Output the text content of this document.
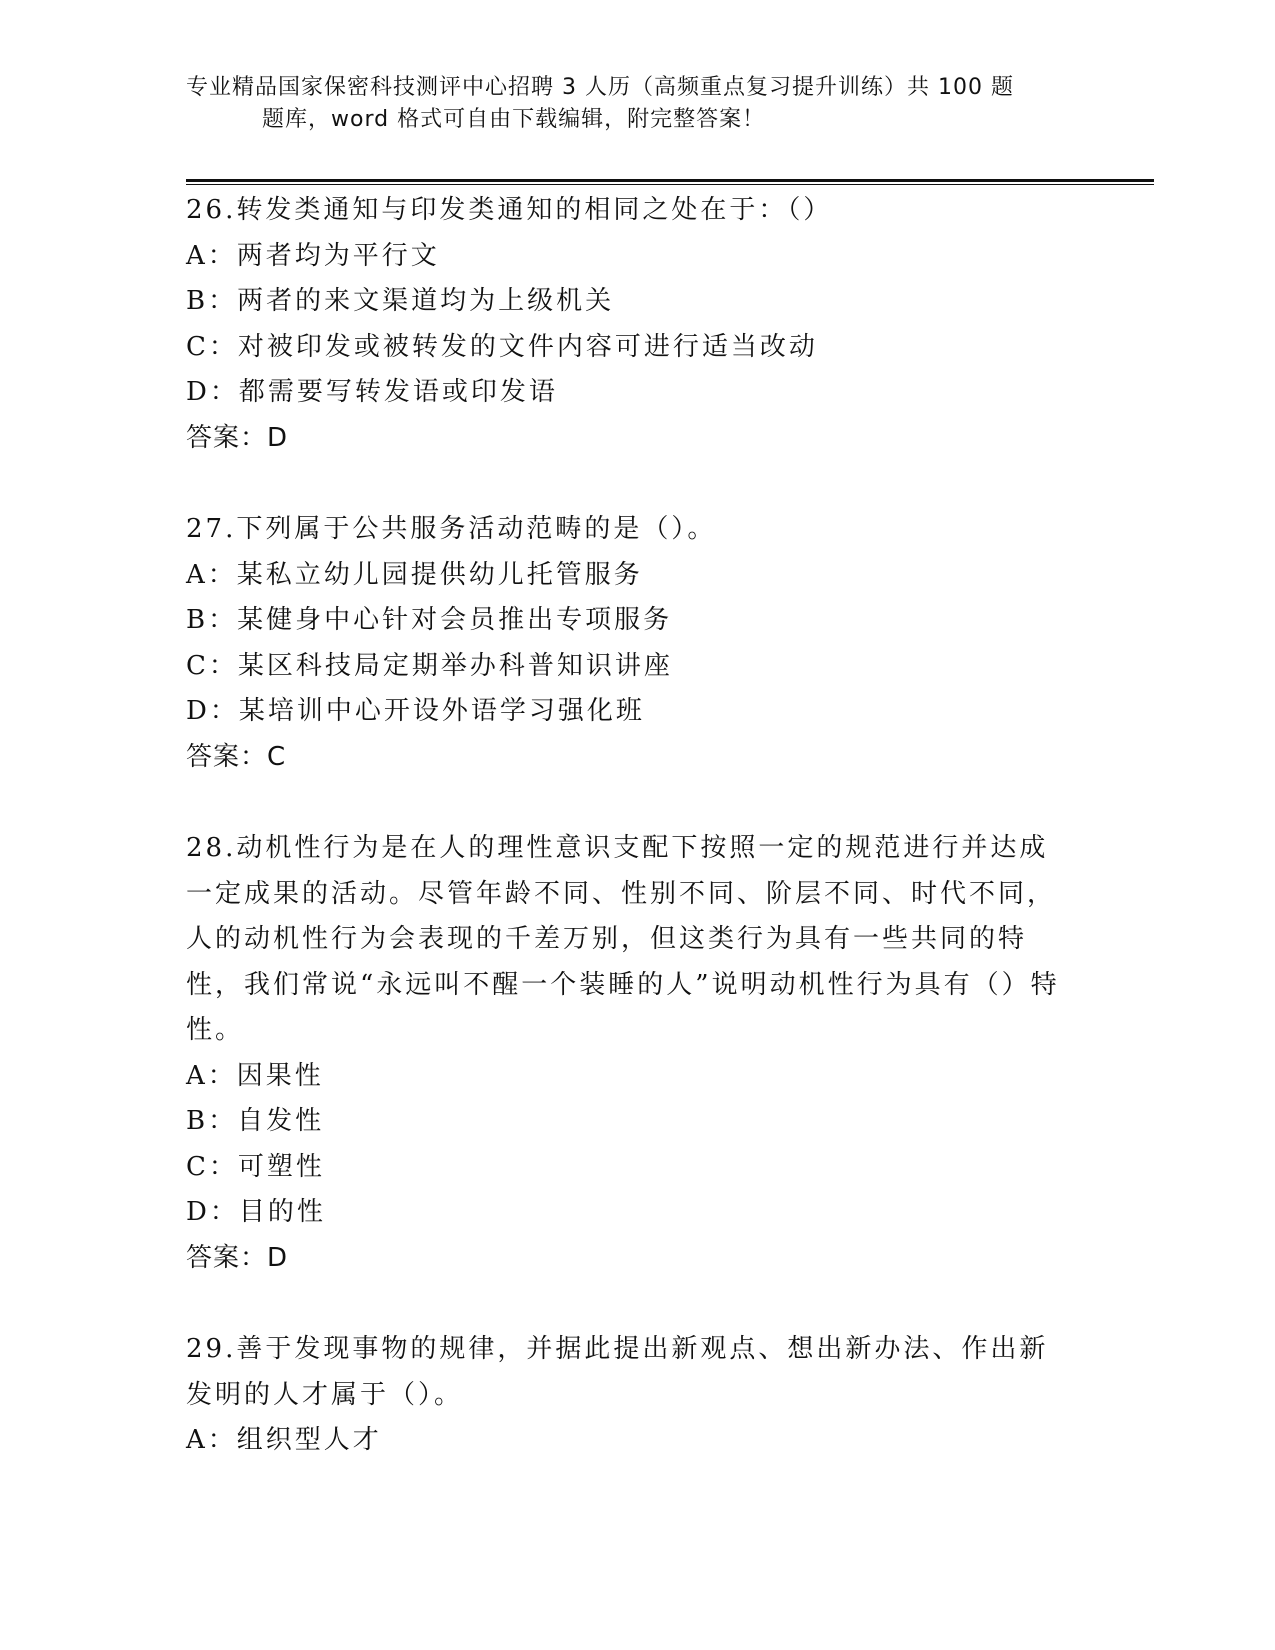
专业精品国家保密科技测评中心招聘 3 人历（高频重点复习提升训练）共 100 题
题库，word 格式可自由下载编辑，附完整答案！

26.转发类通知与印发类通知的相同之处在于：（）

A：两者均为平行文

B：两者的来文渠道均为上级机关

C：对被印发或被转发的文件内容可进行适当改动

D：都需要写转发语或印发语

答案：D

27.下列属于公共服务活动范畴的是（）。

A：某私立幼儿园提供幼儿托管服务

B：某健身中心针对会员推出专项服务

C：某区科技局定期举办科普知识讲座

D：某培训中心开设外语学习强化班

答案：C

28.动机性行为是在人的理性意识支配下按照一定的规范进行并达成一定成果的活动。尽管年龄不同、性别不同、阶层不同、时代不同，人的动机性行为会表现的千差万别，但这类行为具有一些共同的特性，我们常说“永远叫不醒一个装睡的人”说明动机性行为具有（）特性。

A：因果性

B：自发性

C：可塑性

D：目的性

答案：D

29.善于发现事物的规律，并据此提出新观点、想出新办法、作出新发明的人才属于（）。

A：组织型人才
